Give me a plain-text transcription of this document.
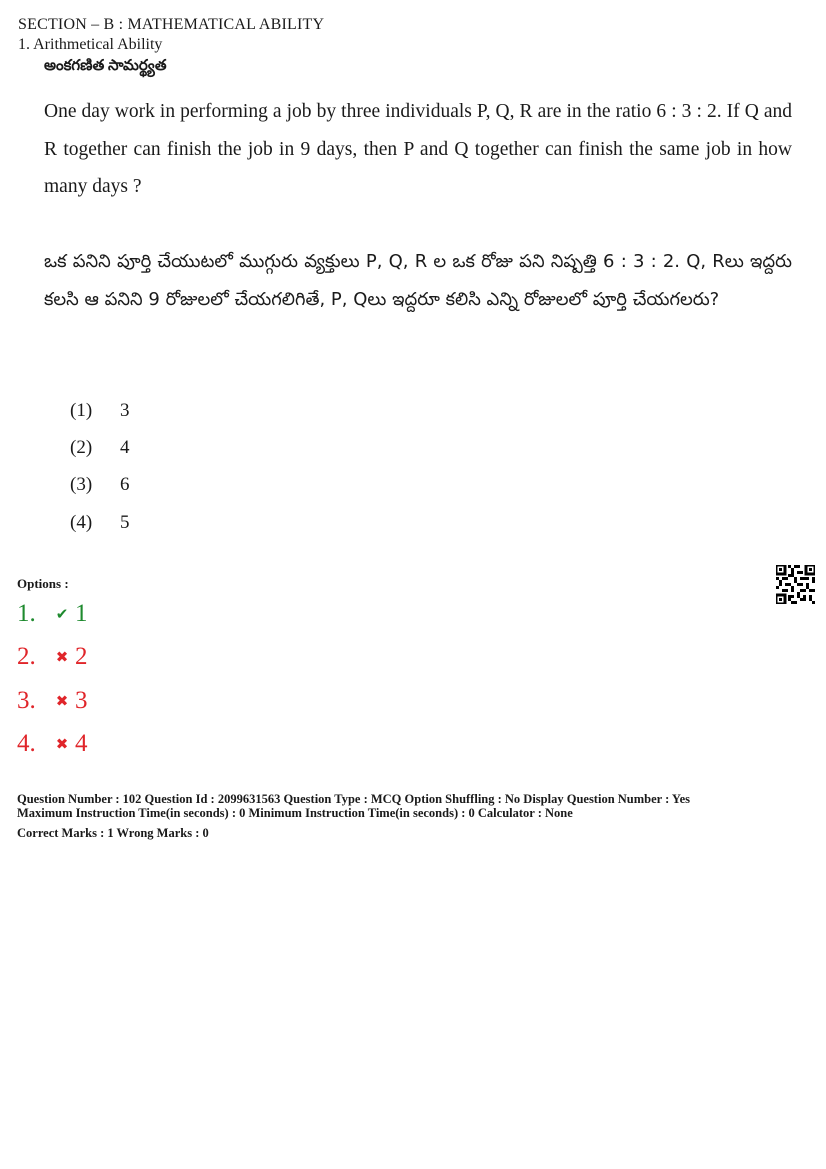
SECTION – B : MATHEMATICAL ABILITY
1. Arithmetical Ability
అంకగణిత సామర్థ్యత
One day work in performing a job by three individuals P, Q, R are in the ratio 6 : 3 : 2. If Q and R together can finish the job in 9 days, then P and Q together can finish the same job in how many days ?
ఒక పనిని పూర్తి చేయుటలో ముగ్గురు వ్యక్తులు P, Q, R ల ఒక రోజు పని నిష్పత్తి 6 : 3 : 2. Q, Rలు ఇద్దరు కలసి ఆ పనిని 9 రోజులలో చేయగలిగితే, P, Qలు ఇద్దరూ కలిసి ఎన్ని రోజులలో పూర్తి చేయగలరు?
(1)	3
(2)	4
(3)	6
(4)	5
Options :
1.	✔ 1
2.	✖ 2
3.	✖ 3
4.	✖ 4
Question Number : 102 Question Id : 2099631563 Question Type : MCQ Option Shuffling : No Display Question Number : Yes
Maximum Instruction Time(in seconds) : 0 Minimum Instruction Time(in seconds) : 0 Calculator : None
Correct Marks : 1 Wrong Marks : 0
